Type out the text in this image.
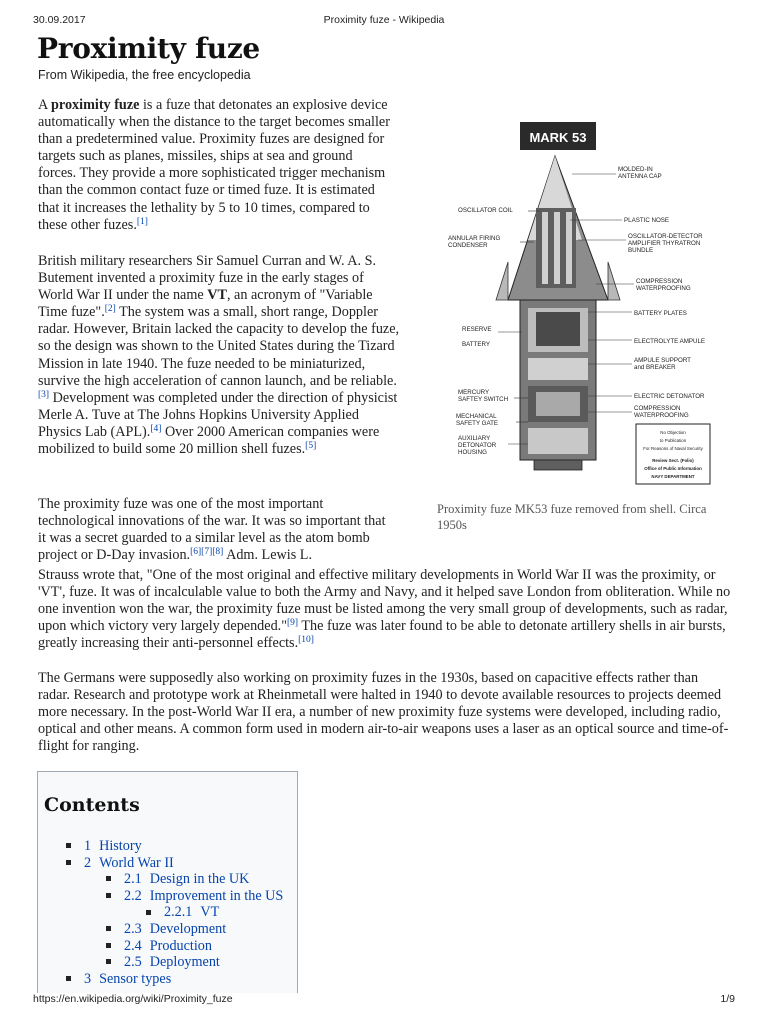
30.09.2017	Proximity fuze - Wikipedia
Proximity fuze
From Wikipedia, the free encyclopedia

A proximity fuze is a fuze that detonates an explosive device automatically when the distance to the target becomes smaller than a predetermined value. Proximity fuzes are designed for targets such as planes, missiles, ships at sea and ground forces. They provide a more sophisticated trigger mechanism than the common contact fuze or timed fuze. It is estimated that it increases the lethality by 5 to 10 times, compared to these other fuzes.[1]

British military researchers Sir Samuel Curran and W. A. S. Butement invented a proximity fuze in the early stages of World War II under the name VT, an acronym of "Variable Time fuze".[2] The system was a small, short range, Doppler radar. However, Britain lacked the capacity to develop the fuze, so the design was shown to the United States during the Tizard Mission in late 1940. The fuze needed to be miniaturized, survive the high acceleration of cannon launch, and be reliable.[3] Development was completed under the direction of physicist Merle A. Tuve at The Johns Hopkins University Applied Physics Lab (APL).[4] Over 2000 American companies were mobilized to build some 20 million shell fuzes.[5]

The proximity fuze was one of the most important technological innovations of the war. It was so important that it was a secret guarded to a similar level as the atom bomb project or D-Day invasion.[6][7][8] Adm. Lewis L.

Strauss wrote that, "One of the most original and effective military developments in World War II was the proximity, or 'VT', fuze. It was of incalculable value to both the Army and Navy, and it helped save London from obliteration. While no one invention won the war, the proximity fuze must be listed among the very small group of developments, such as radar, upon which victory very largely depended."[9] The fuze was later found to be able to detonate artillery shells in air bursts, greatly increasing their anti-personnel effects.[10]

The Germans were supposedly also working on proximity fuzes in the 1930s, based on capacitive effects rather than radar. Research and prototype work at Rheinmetall were halted in 1940 to devote available resources to projects deemed more necessary. In the post-World War II era, a number of new proximity fuze systems were developed, including radio, optical and other means. A common form used in modern air-to-air weapons uses a laser as an optical source and time-of-flight for ranging.

MARK 53
MOLDED-IN
ANTENNA CAP
OSCILLATOR COIL
PLASTIC NOSE
ANNULAR FIRING
CONDENSER
OSCILLATOR-DETECTOR
AMPLIFIER THYRATRON
BUNDLE
COMPRESSION
WATERPROOFING
BATTERY PLATES
RESERVE
BATTERY	ELECTROLYTE AMPULE
AMPULE SUPPORT
and BREAKER
MERCURY
SAFTEY SWITCH	ELECTRIC DETONATOR
COMPRESSION
WATERPROOFING
MECHANICAL
SAFETY GATE
AUXILIARY
DETONATOR
HOUSING
No Objection
to Publication
For Reasons of Naval Security
Review Sect. (Folio)
Office of Public Information
NAVY DEPARTMENT
Proximity fuze MK53 fuze removed from shell. Circa 1950s
Contents
1 History
2 World War II
2.1 Design in the UK
2.2 Improvement in the US
2.2.1 VT
2.3 Development
2.4 Production
2.5 Deployment
3 Sensor types
https://en.wikipedia.org/wiki/Proximity_fuze	1/9
